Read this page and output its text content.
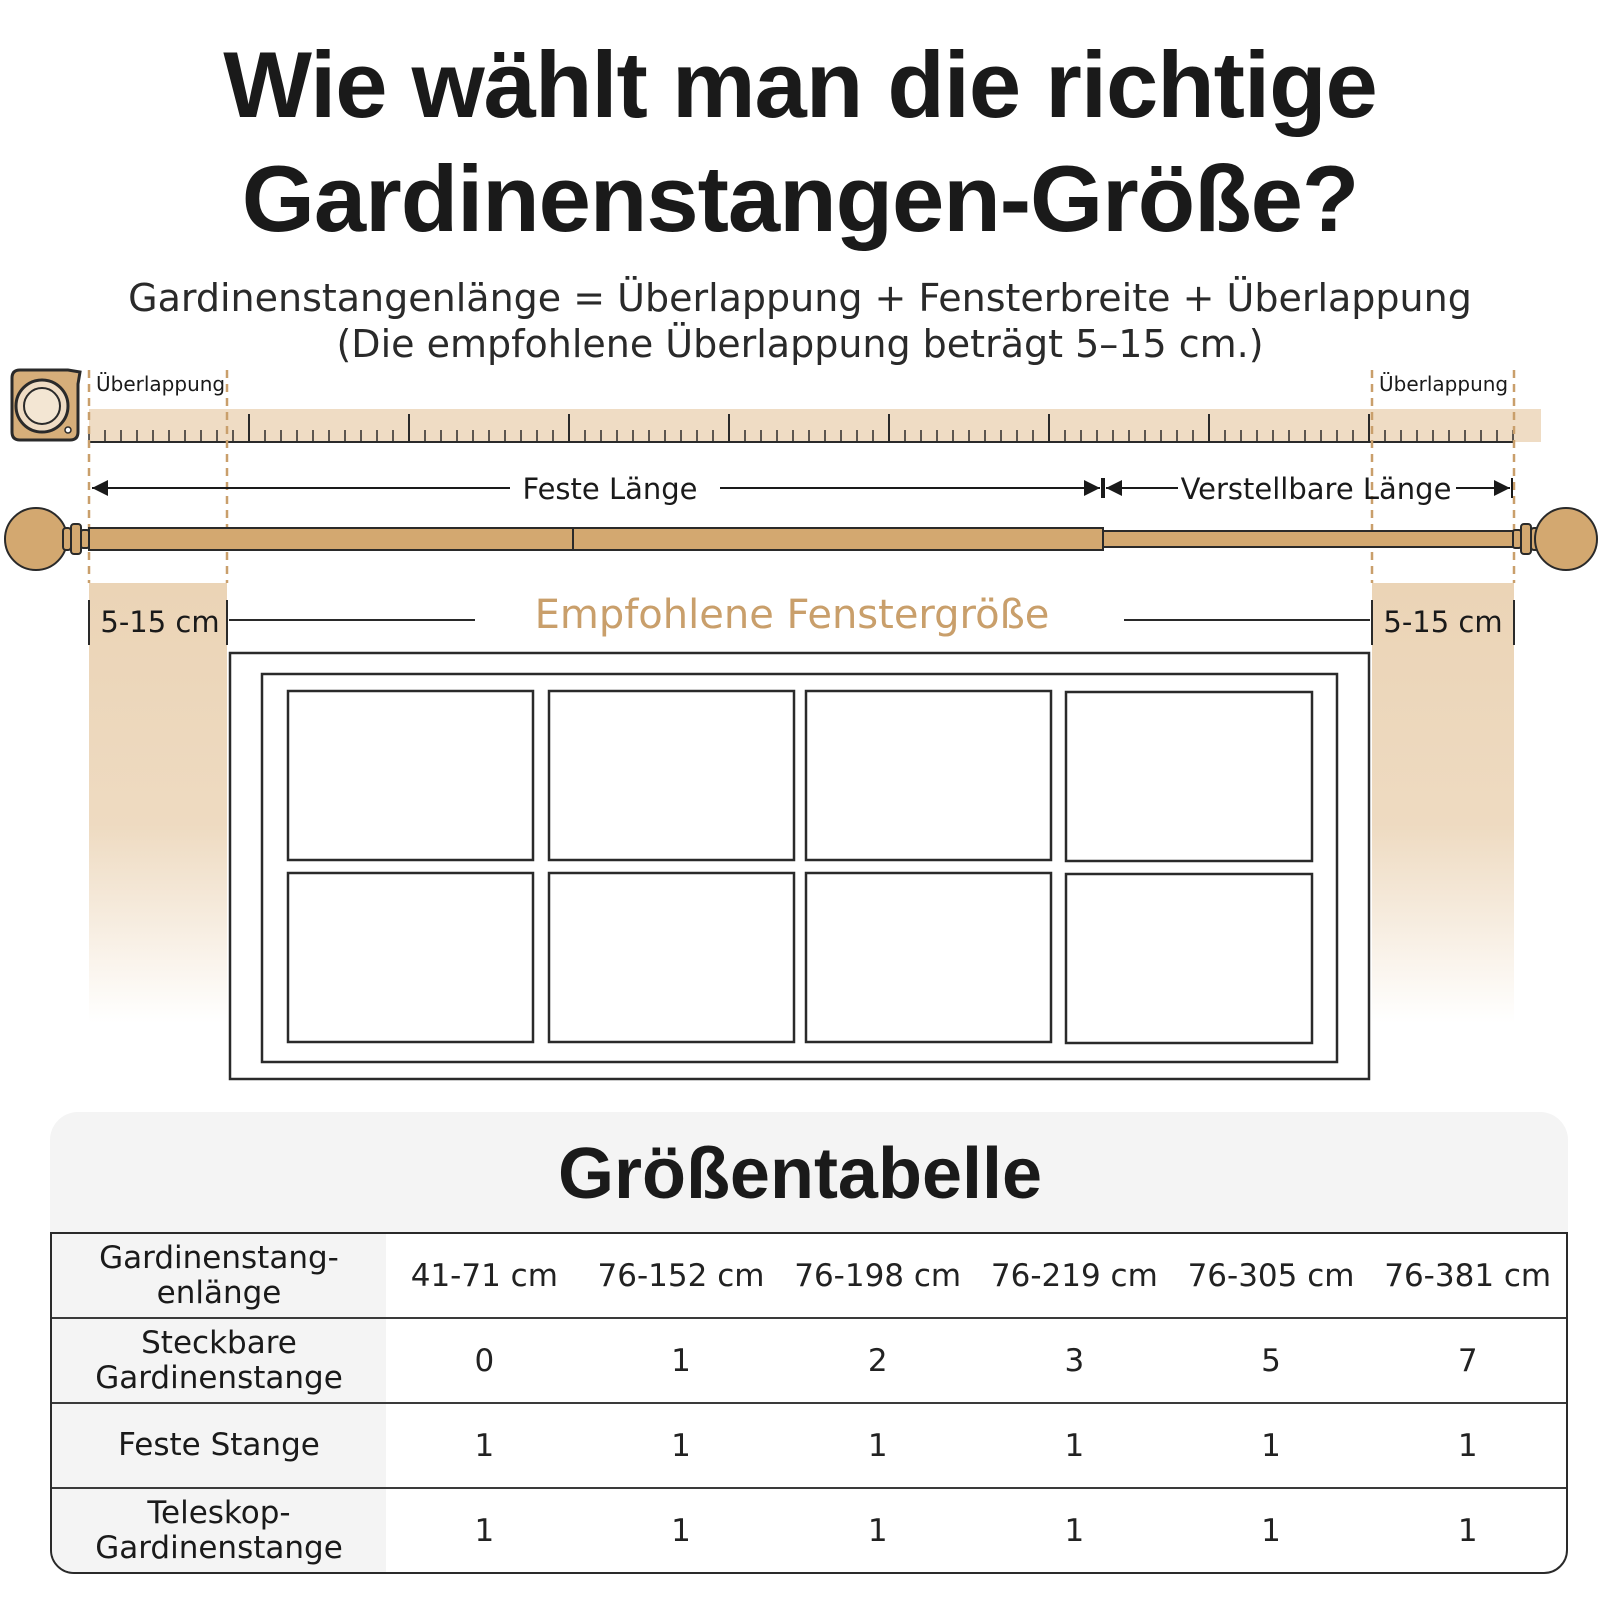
Wie wählt man die richtige
Gardinenstangen-Größe?
Gardinenstangenlänge = Überlappung + Fensterbreite + Überlappung
(Die empfohlene Überlappung beträgt 5–15 cm.)
Überlappung	Überlappung
Feste Länge	Verstellbare Länge
5-15 cm	5-15 cm
Empfohlene Fenstergröße
Größentabelle
Gardinenstang-
enlänge	41-71 cm	76-152 cm 76-198 cm 76-219 cm 76-305 cm 76-381 cm
Steckbare
Gardinenstange	0	1	2	3	5	7
Feste Stange	1	1	1	1	1	1
Teleskop-
Gardinenstange	1	1	1	1	1	1
